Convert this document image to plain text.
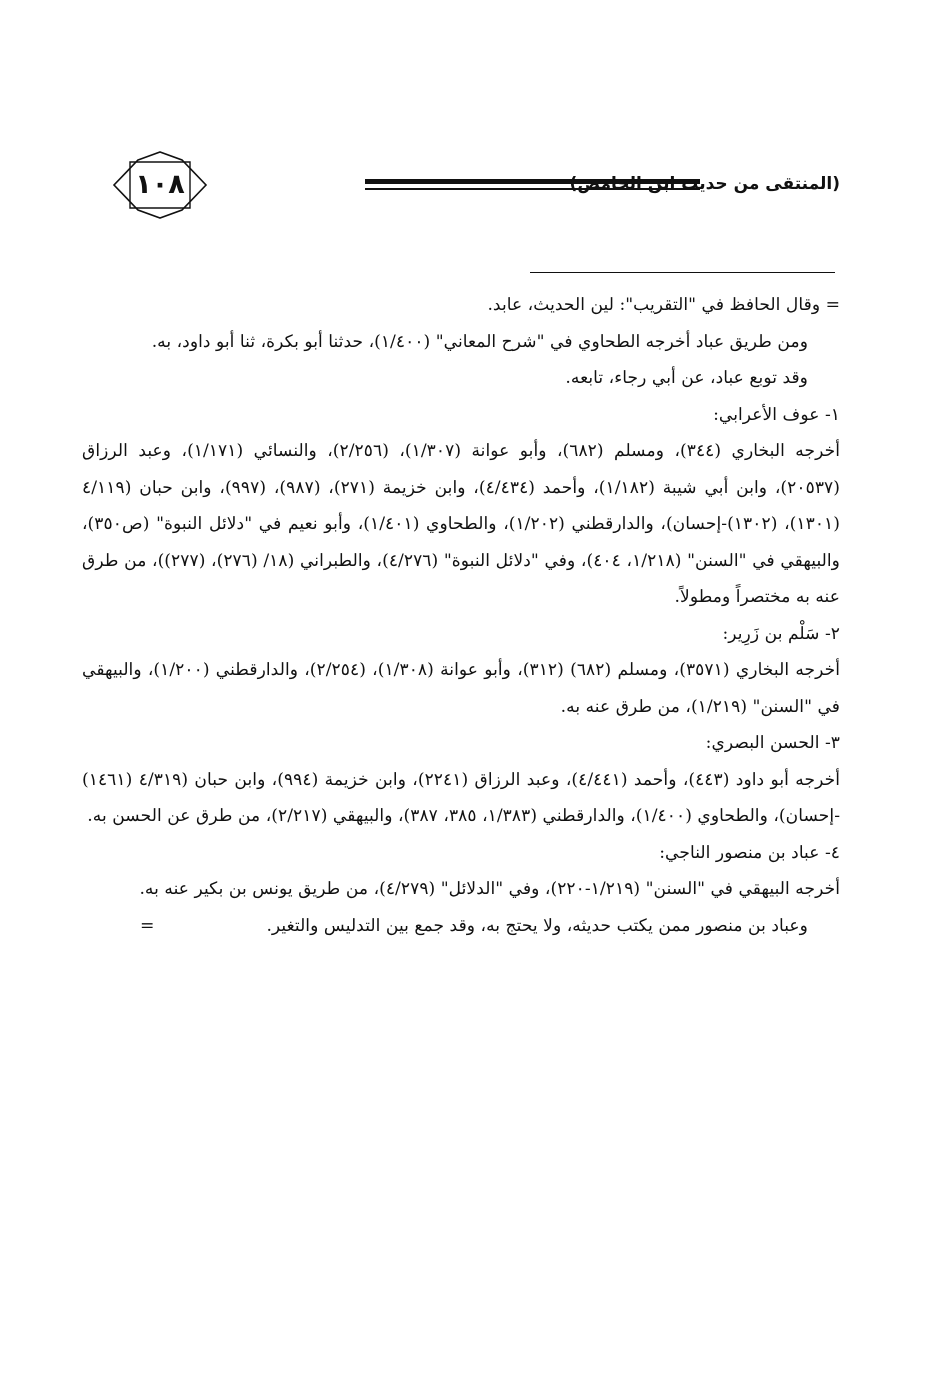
١٠٨	(المنتقى من حديث ابن الحامض)

= وقال الحافظ في "التقريب": لين الحديث، عابد.

ومن طريق عباد أخرجه الطحاوي في "شرح المعاني" (١/٤٠٠)، حدثنا أبو بكرة، ثنا أبو داود، به.

وقد توبع عباد، عن أبي رجاء، تابعه.

١- عوف الأعرابي:

أخرجه البخاري (٣٤٤)، ومسلم (٦٨٢)، وأبو عوانة (١/٣٠٧)، (٢/٢٥٦)، والنسائي (١/١٧١)، وعبد الرزاق (٢٠٥٣٧)، وابن أبي شيبة (١/١٨٢)، وأحمد (٤/٤٣٤)، وابن خزيمة (٢٧١)، (٩٨٧)، (٩٩٧)، وابن حبان (٤/١١٩ (١٣٠١)، (١٣٠٢)-إحسان)، والدارقطني (١/٢٠٢)، والطحاوي (١/٤٠١)، وأبو نعيم في "دلائل النبوة" (ص٣٥٠)، والبيهقي في "السنن" (١/٢١٨، ٤٠٤)، وفي "دلائل النبوة" (٤/٢٧٦)، والطبراني (١٨/ (٢٧٦)، (٢٧٧))، من طرق عنه به مختصراً ومطولاً.

٢- سَلْم بن زَرِير:

أخرجه البخاري (٣٥٧١)، ومسلم (٦٨٢) (٣١٢)، وأبو عوانة (١/٣٠٨)، (٢/٢٥٤)، والدارقطني (١/٢٠٠)، والبيهقي في "السنن" (١/٢١٩)، من طرق عنه به.

٣- الحسن البصري:

أخرجه أبو داود (٤٤٣)، وأحمد (٤/٤٤١)، وعبد الرزاق (٢٢٤١)، وابن خزيمة (٩٩٤)، وابن حبان (٤/٣١٩ (١٤٦١) -إحسان)، والطحاوي (١/٤٠٠)، والدارقطني (١/٣٨٣، ٣٨٥، ٣٨٧)، والبيهقي (٢/٢١٧)، من طرق عن الحسن به.

٤- عباد بن منصور الناجي:

أخرجه البيهقي في "السنن" (١/٢١٩-٢٢٠)، وفي "الدلائل" (٤/٢٧٩)، من طريق يونس بن بكير عنه به.

وعباد بن منصور ممن يكتب حديثه، ولا يحتج به، وقد جمع بين التدليس والتغير.
=
